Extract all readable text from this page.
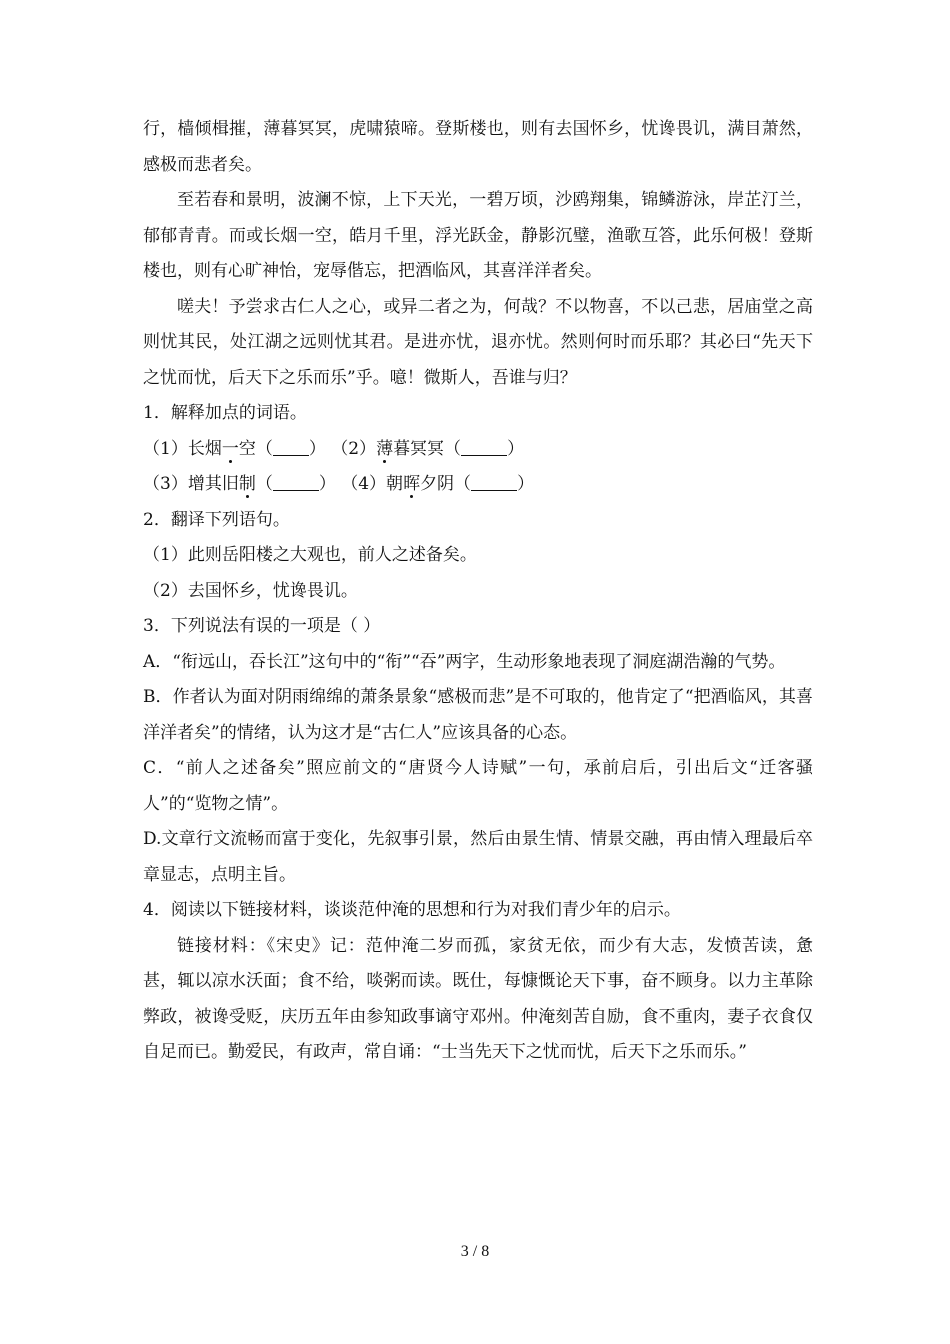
行，樯倾楫摧，薄暮冥冥，虎啸猿啼。登斯楼也，则有去国怀乡，忧谗畏讥，满目萧然，感极而悲者矣。
至若春和景明，波澜不惊，上下天光，一碧万顷，沙鸥翔集，锦鳞游泳，岸芷汀兰，郁郁青青。而或长烟一空，皓月千里，浮光跃金，静影沉璧，渔歌互答，此乐何极！登斯楼也，则有心旷神怡，宠辱偕忘，把酒临风，其喜洋洋者矣。
嗟夫！予尝求古仁人之心，或异二者之为，何哉？不以物喜，不以己悲，居庙堂之高则忧其民，处江湖之远则忧其君。是进亦忧，退亦忧。然则何时而乐耶？其必曰“先天下之忧而忧，后天下之乐而乐”乎。噫！微斯人，吾谁与归？
1．解释加点的词语。
（1）长烟一空（ ） （2）薄暮冥冥（	）
（3）增其旧制（	） （4）朝晖夕阴（	）
2．翻译下列语句。
（1）此则岳阳楼之大观也，前人之述备矣。
（2）去国怀乡，忧谗畏讥。
3．下列说法有误的一项是（ ）
A．“衔远山，吞长江”这句中的“衔”“吞”两字，生动形象地表现了洞庭湖浩瀚的气势。
B．作者认为面对阴雨绵绵的萧条景象“感极而悲”是不可取的，他肯定了“把酒临风，其喜洋洋者矣”的情绪，认为这才是“古仁人”应该具备的心态。
C．“前人之述备矣”照应前文的“唐贤今人诗赋”一句，承前启后，引出后文“迁客骚人”的“览物之情”。
D.文章行文流畅而富于变化，先叙事引景，然后由景生情、情景交融，再由情入理最后卒章显志，点明主旨。
4．阅读以下链接材料，谈谈范仲淹的思想和行为对我们青少年的启示。
链接材料：《宋史》记：范仲淹二岁而孤，家贫无依，而少有大志，发愤苦读，惫甚，辄以凉水沃面；食不给，啖粥而读。既仕，每慷慨论天下事，奋不顾身。以力主革除弊政，被谗受贬，庆历五年由参知政事谪守邓州。仲淹刻苦自励，食不重肉，妻子衣食仅自足而已。勤爱民，有政声，常自诵：“士当先天下之忧而忧，后天下之乐而乐。”
3 / 8
